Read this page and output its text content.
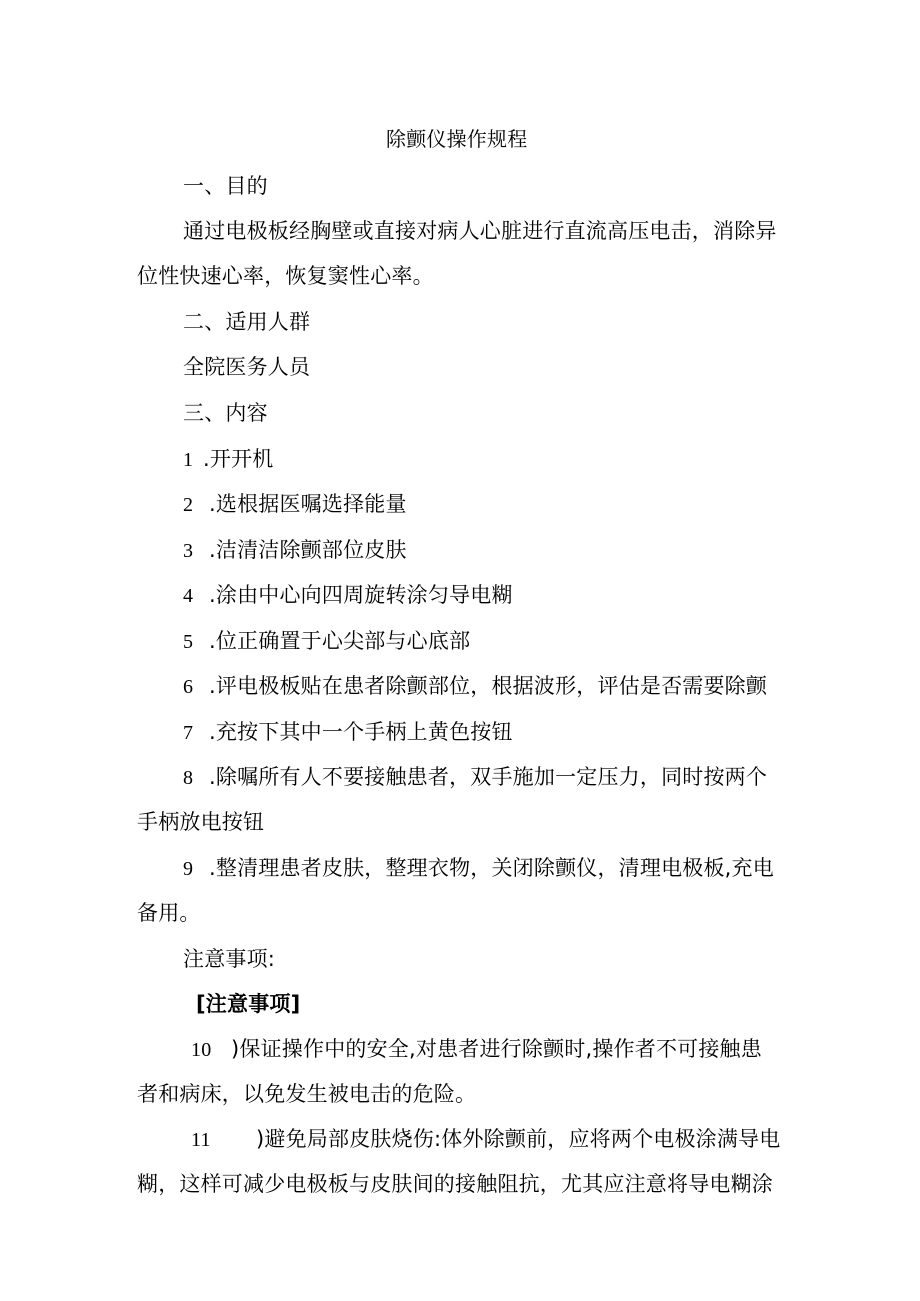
除颤仪操作规程
一、目的
通过电极板经胸壁或直接对病人心脏进行直流高压电击，消除异
位性快速心率，恢复窦性心率。
二、适用人群
全院医务人员
三、内容
1 .开开机
2 .选根据医嘱选择能量
3 .洁清洁除颤部位皮肤
4 .涂由中心向四周旋转涂匀导电糊
5 .位正确置于心尖部与心底部
6 .评电极板贴在患者除颤部位，根据波形，评估是否需要除颤
7 .充按下其中一个手柄上黄色按钮
8 .除嘱所有人不要接触患者，双手施加一定压力，同时按两个
手柄放电按钮
9 .整清理患者皮肤，整理衣物，关闭除颤仪，清理电极板,充电
备用。
注意事项:
[注意事项]
10 )保证操作中的安全,对患者进行除颤时,操作者不可接触患
者和病床，以免发生被电击的危险。
11 )避免局部皮肤烧伤:体外除颤前，应将两个电极涂满导电
糊，这样可减少电极板与皮肤间的接触阻抗，尤其应注意将导电糊涂
